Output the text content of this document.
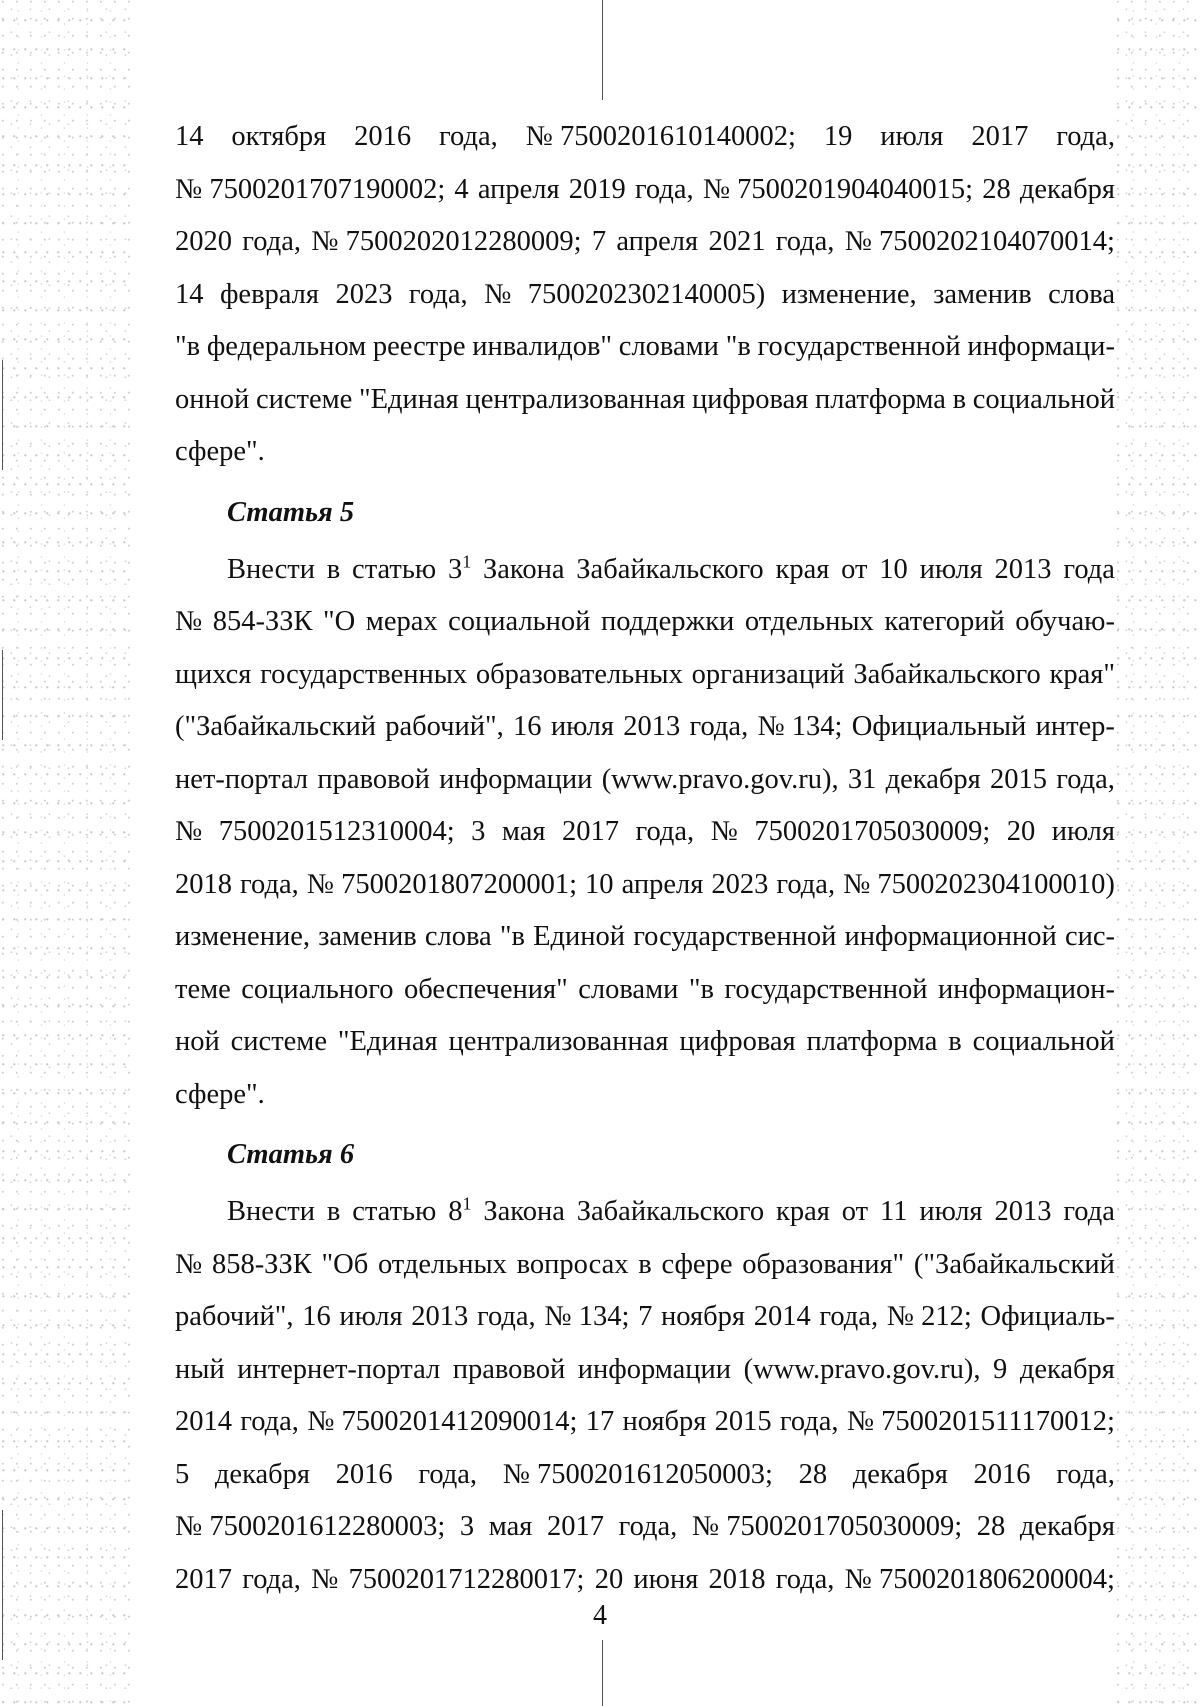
14 октября 2016 года, № 7500201610140002; 19 июля 2017 года,
№ 7500201707190002; 4 апреля 2019 года, № 7500201904040015; 28 декабря
2020 года, № 7500202012280009; 7 апреля 2021 года, № 7500202104070014;
14 февраля 2023 года, № 7500202302140005) изменение, заменив слова
"в федеральном реестре инвалидов" словами "в государственной информаци-
онной системе "Единая централизованная цифровая платформа в социальной
сфере".
Статья 5
Внести в статью $3^1$ Закона Забайкальского края от 10 июля 2013 года
№ 854-ЗЗК "О мерах социальной поддержки отдельных категорий обучаю-
щихся государственных образовательных организаций Забайкальского края"
("Забайкальский рабочий", 16 июля 2013 года, № 134; Официальный интер-
нет-портал правовой информации (www.pravo.gov.ru), 31 декабря 2015 года,
№ 7500201512310004; 3 мая 2017 года, № 7500201705030009; 20 июля
2018 года, № 7500201807200001; 10 апреля 2023 года, № 7500202304100010)
изменение, заменив слова "в Единой государственной информационной сис-
теме социального обеспечения" словами "в государственной информацион-
ной системе "Единая централизованная цифровая платформа в социальной
сфере".
Статья 6
Внести в статью $8^1$ Закона Забайкальского края от 11 июля 2013 года
№ 858-ЗЗК "Об отдельных вопросах в сфере образования" ("Забайкальский
рабочий", 16 июля 2013 года, № 134; 7 ноября 2014 года, № 212; Официаль-
ный интернет-портал правовой информации (www.pravo.gov.ru), 9 декабря
2014 года, № 7500201412090014; 17 ноября 2015 года, № 7500201511170012;
5 декабря 2016 года, № 7500201612050003; 28 декабря 2016 года,
№ 7500201612280003; 3 мая 2017 года, № 7500201705030009; 28 декабря
2017 года, № 7500201712280017; 20 июня 2018 года, № 7500201806200004;
4
